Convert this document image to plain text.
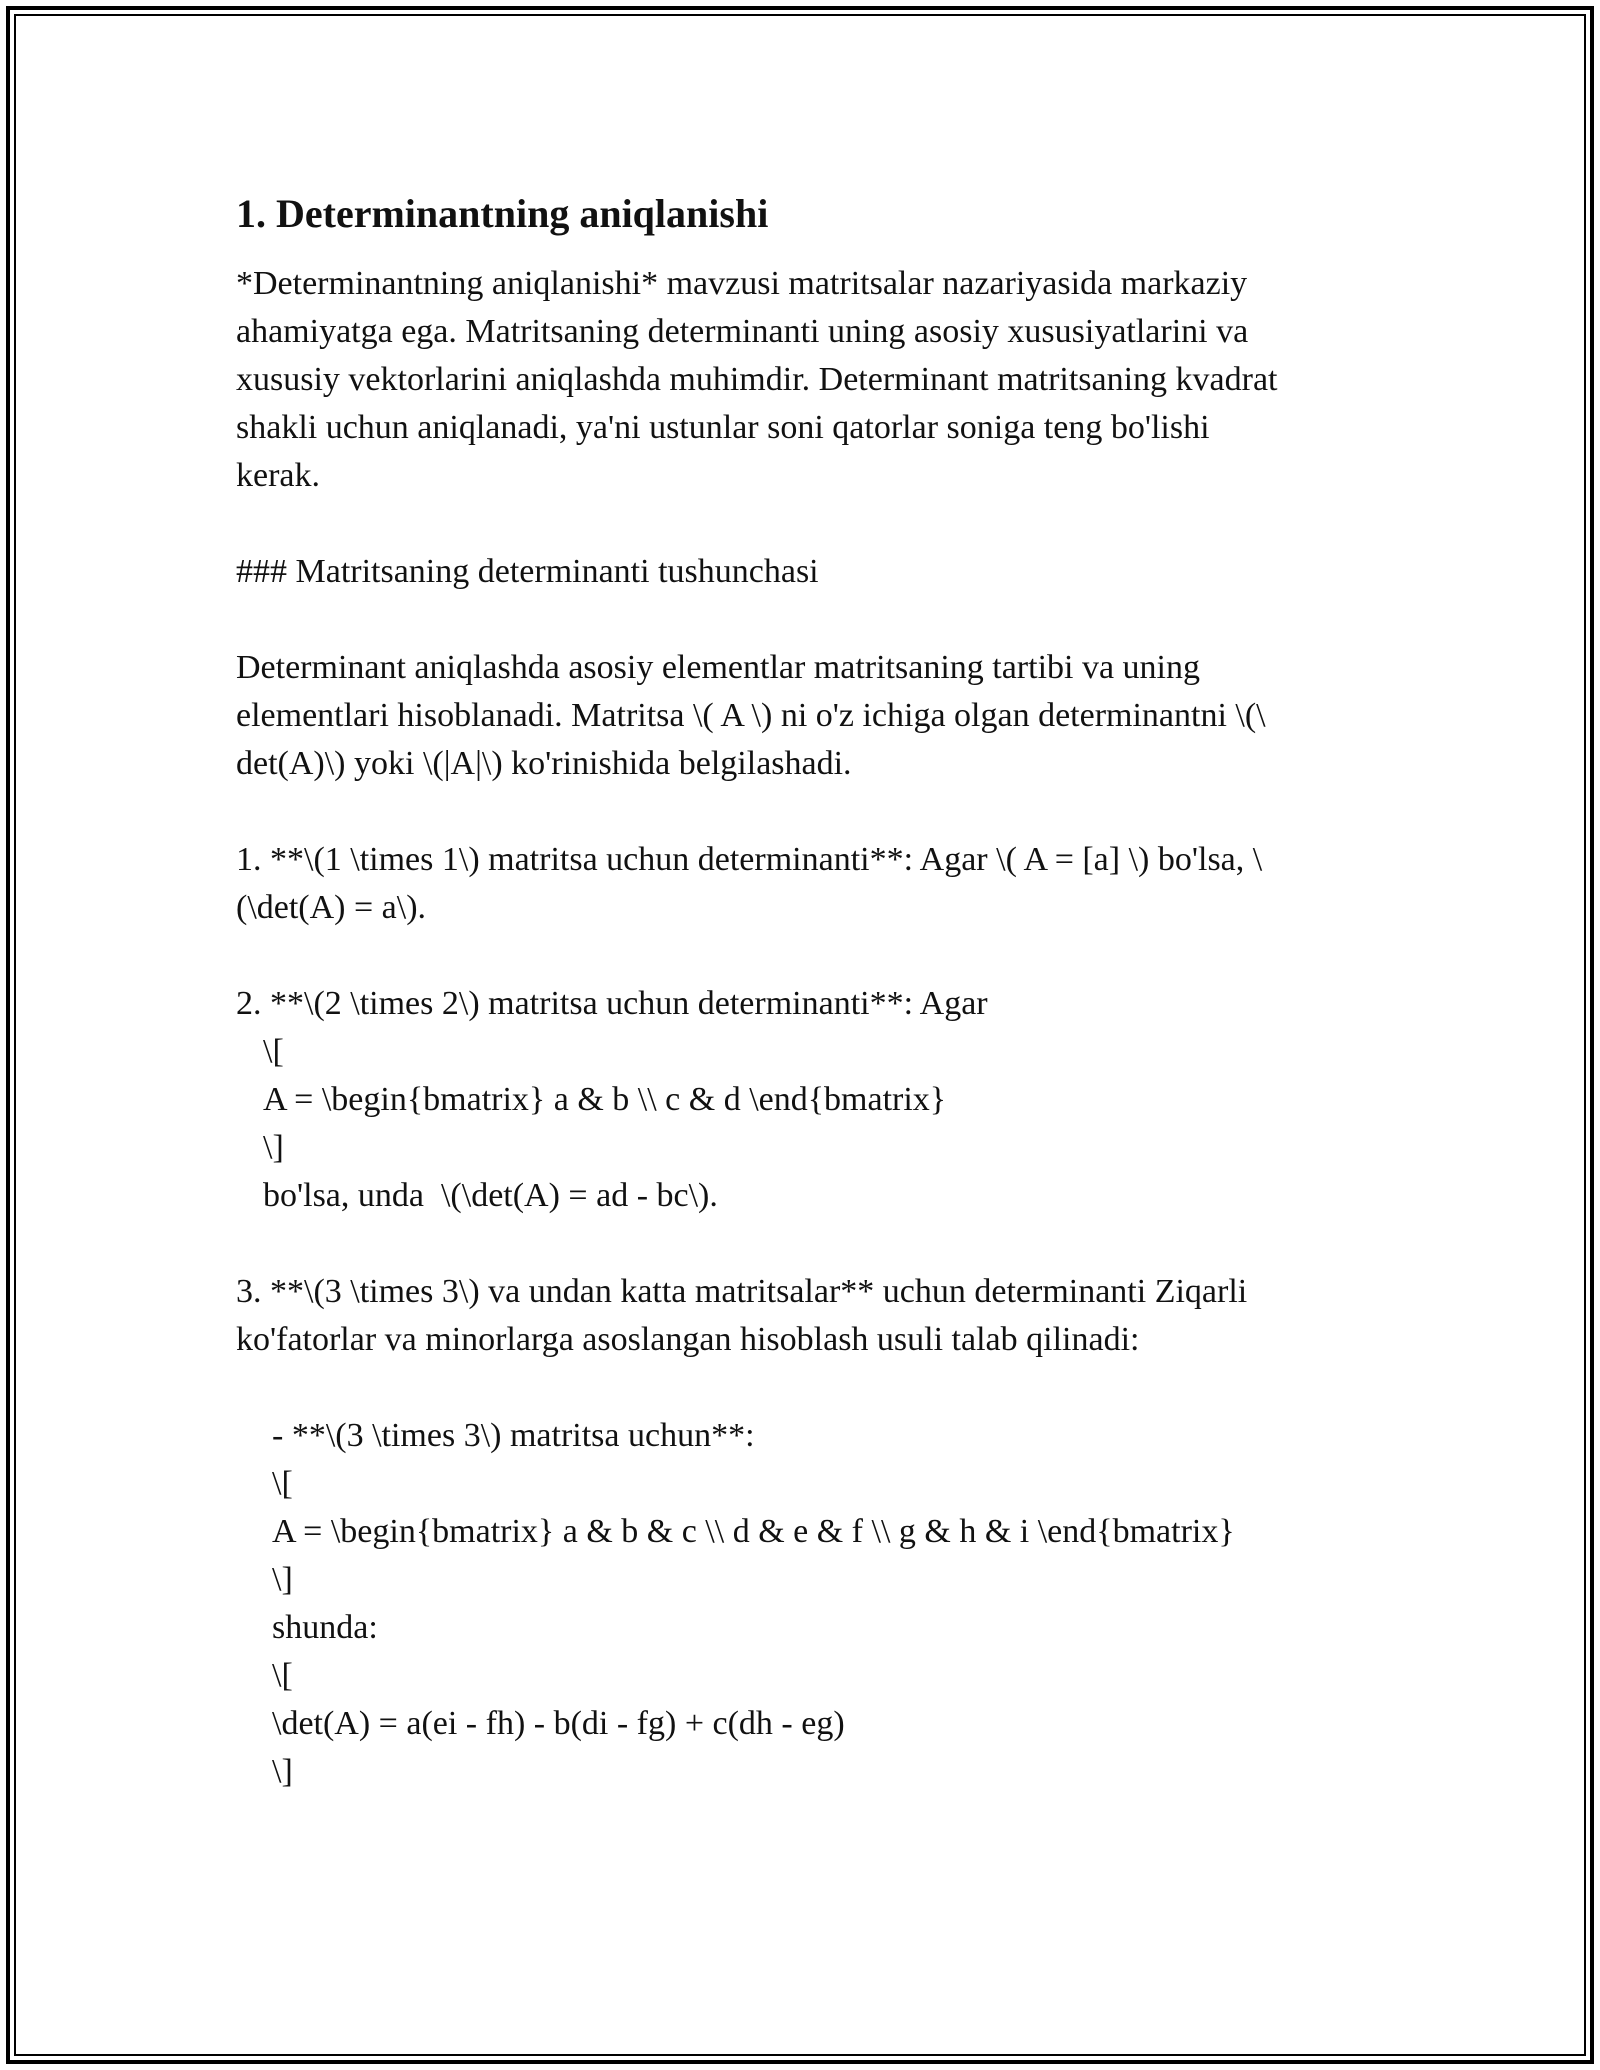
1. Determinantning aniqlanishi

*Determinantning aniqlanishi* mavzusi matritsalar nazariyasida markaziy

ahamiyatga ega. Matritsaning determinanti uning asosiy xususiyatlarini va

xususiy vektorlarini aniqlashda muhimdir. Determinant matritsaning kvadrat

shakli uchun aniqlanadi, ya'ni ustunlar soni qatorlar soniga teng bo'lishi

kerak.

### Matritsaning determinanti tushunchasi

Determinant aniqlashda asosiy elementlar matritsaning tartibi va uning

elementlari hisoblanadi. Matritsa \( A \) ni o'z ichiga olgan determinantni \(\

det(A)\) yoki \(|A|\) ko'rinishida belgilashadi.

1. **\(1 \times 1\) matritsa uchun determinanti**: Agar \( A = [a] \) bo'lsa, \

(\det(A) = a\).

2. **\(2 \times 2\) matritsa uchun determinanti**: Agar

\[

A = \begin{bmatrix} a & b \\ c & d \end{bmatrix}

\]

bo'lsa, unda  \(\det(A) = ad - bc\).

3. **\(3 \times 3\) va undan katta matritsalar** uchun determinanti Ziqarli

ko'fatorlar va minorlarga asoslangan hisoblash usuli talab qilinadi:

- **\(3 \times 3\) matritsa uchun**:

\[

A = \begin{bmatrix} a & b & c \\ d & e & f \\ g & h & i \end{bmatrix}

\]

shunda:

\[

\det(A) = a(ei - fh) - b(di - fg) + c(dh - eg)

\]
